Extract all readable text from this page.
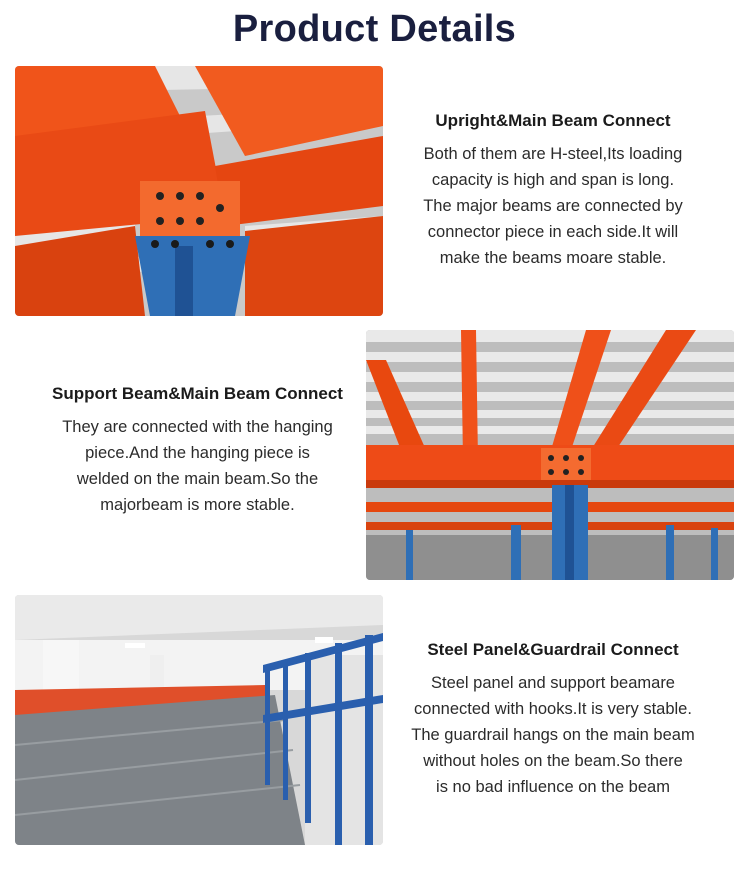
Product Details
Upright&Main Beam Connect
Both of them are H-steel,Its loading
capacity is high and span is long.
The major beams are connected by
connector piece in each side.It will
make the beams moare stable.
Support Beam&Main Beam Connect
They are connected with the hanging
piece.And the hanging piece is
welded on the main beam.So the
majorbeam is more stable.
Steel Panel&Guardrail Connect
Steel panel and support beamare
connected with hooks.It is very stable.
The guardrail hangs on the main beam
without holes on the beam.So there
is no bad influence on the beam
